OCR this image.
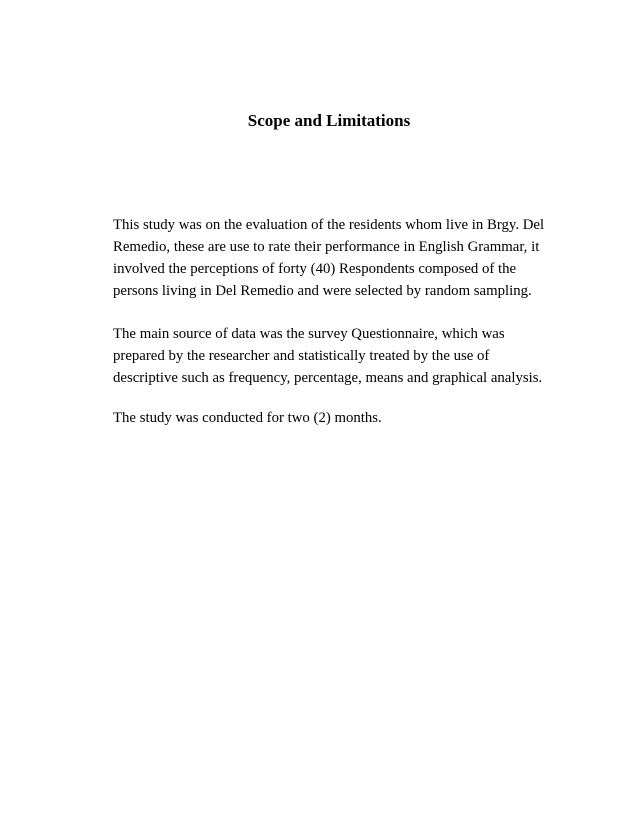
Scope and Limitations

This study was on the evaluation of the residents whom live in Brgy. Del
Remedio, these are use to rate their performance in English Grammar, it
involved the perceptions of forty (40) Respondents composed of the
persons living in Del Remedio and were selected by random sampling.

The main source of data was the survey Questionnaire, which was
prepared by the researcher and statistically treated by the use of
descriptive such as frequency, percentage, means and graphical analysis.

The study was conducted for two (2) months.
